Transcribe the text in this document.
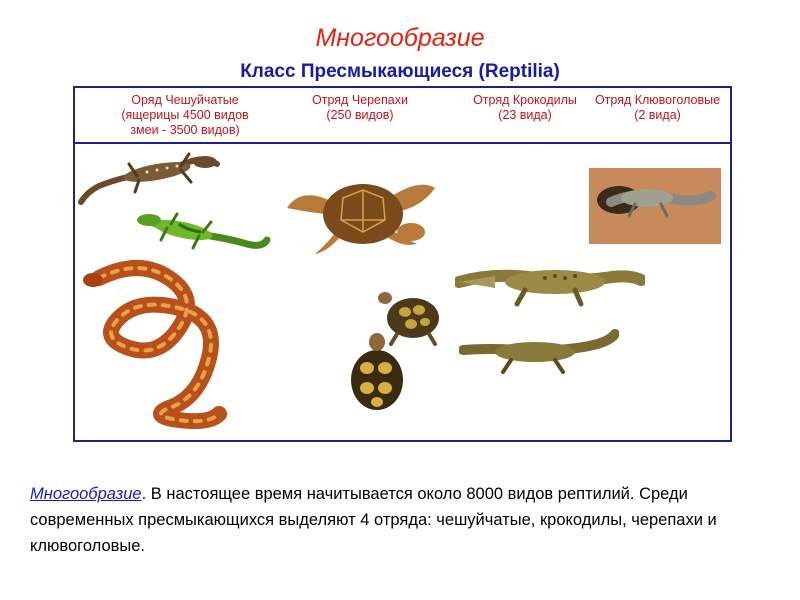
Многообразие
Класс Пресмыкающиеся (Reptilia)
Оряд Чешуйчатые
(ящерицы 4500 видов
змеи - 3500 видов)
Отряд Черепахи
(250 видов)
Отряд Крокодилы
(23 вида)
Отряд Клювоголовые
(2 вида)
Многообразие. В настоящее время начитывается около 8000 видов рептилий. Среди современных пресмыкающихся выделяют 4 отряда: чешуйчатые, крокодилы, черепахи и клювоголовые.
